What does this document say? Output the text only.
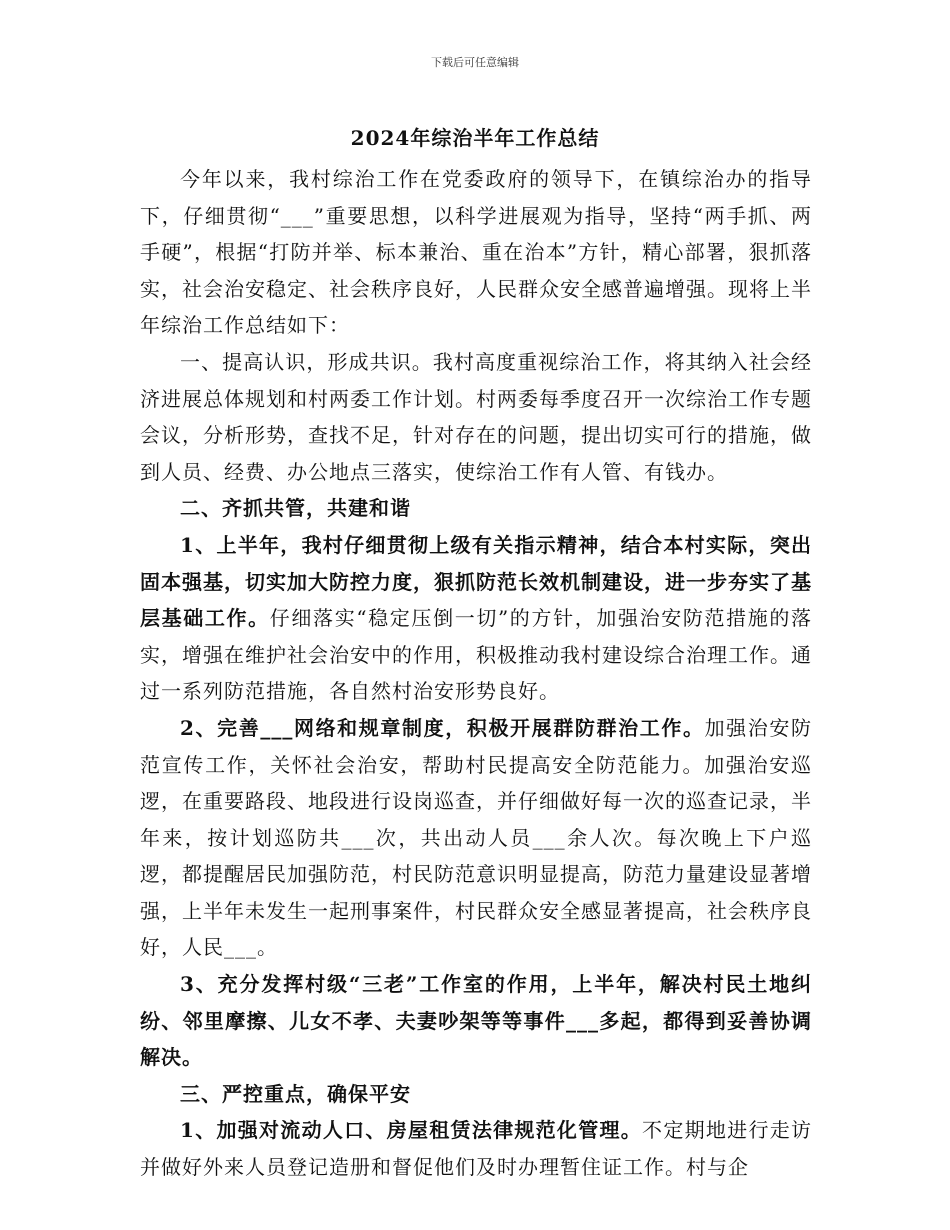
下载后可任意编辑
2024年综治半年工作总结

今年以来，我村综治工作在党委政府的领导下，在镇综治办的指导下，仔细贯彻“___”重要思想，以科学进展观为指导，坚持“两手抓、两手硬”，根据“打防并举、标本兼治、重在治本”方针，精心部署，狠抓落实，社会治安稳定、社会秩序良好，人民群众安全感普遍增强。现将上半年综治工作总结如下：

一、提高认识，形成共识。我村高度重视综治工作，将其纳入社会经济进展总体规划和村两委工作计划。村两委每季度召开一次综治工作专题会议，分析形势，查找不足，针对存在的问题，提出切实可行的措施，做到人员、经费、办公地点三落实，使综治工作有人管、有钱办。

二、齐抓共管，共建和谐

1、上半年，我村仔细贯彻上级有关指示精神，结合本村实际，突出固本强基，切实加大防控力度，狠抓防范长效机制建设，进一步夯实了基层基础工作。仔细落实“稳定压倒一切”的方针，加强治安防范措施的落实，增强在维护社会治安中的作用，积极推动我村建设综合治理工作。通过一系列防范措施，各自然村治安形势良好。

2、完善___网络和规章制度，积极开展群防群治工作。加强治安防范宣传工作，关怀社会治安，帮助村民提高安全防范能力。加强治安巡逻，在重要路段、地段进行设岗巡查，并仔细做好每一次的巡查记录，半年来，按计划巡防共___次，共出动人员___余人次。每次晚上下户巡逻，都提醒居民加强防范，村民防范意识明显提高，防范力量建设显著增强，上半年未发生一起刑事案件，村民群众安全感显著提高，社会秩序良好，人民___。

3、充分发挥村级“三老”工作室的作用，上半年，解决村民土地纠纷、邻里摩擦、儿女不孝、夫妻吵架等等事件___多起，都得到妥善协调解决。

三、严控重点，确保平安

1、加强对流动人口、房屋租赁法律规范化管理。不定期地进行走访并做好外来人员登记造册和督促他们及时办理暂住证工作。村与企
